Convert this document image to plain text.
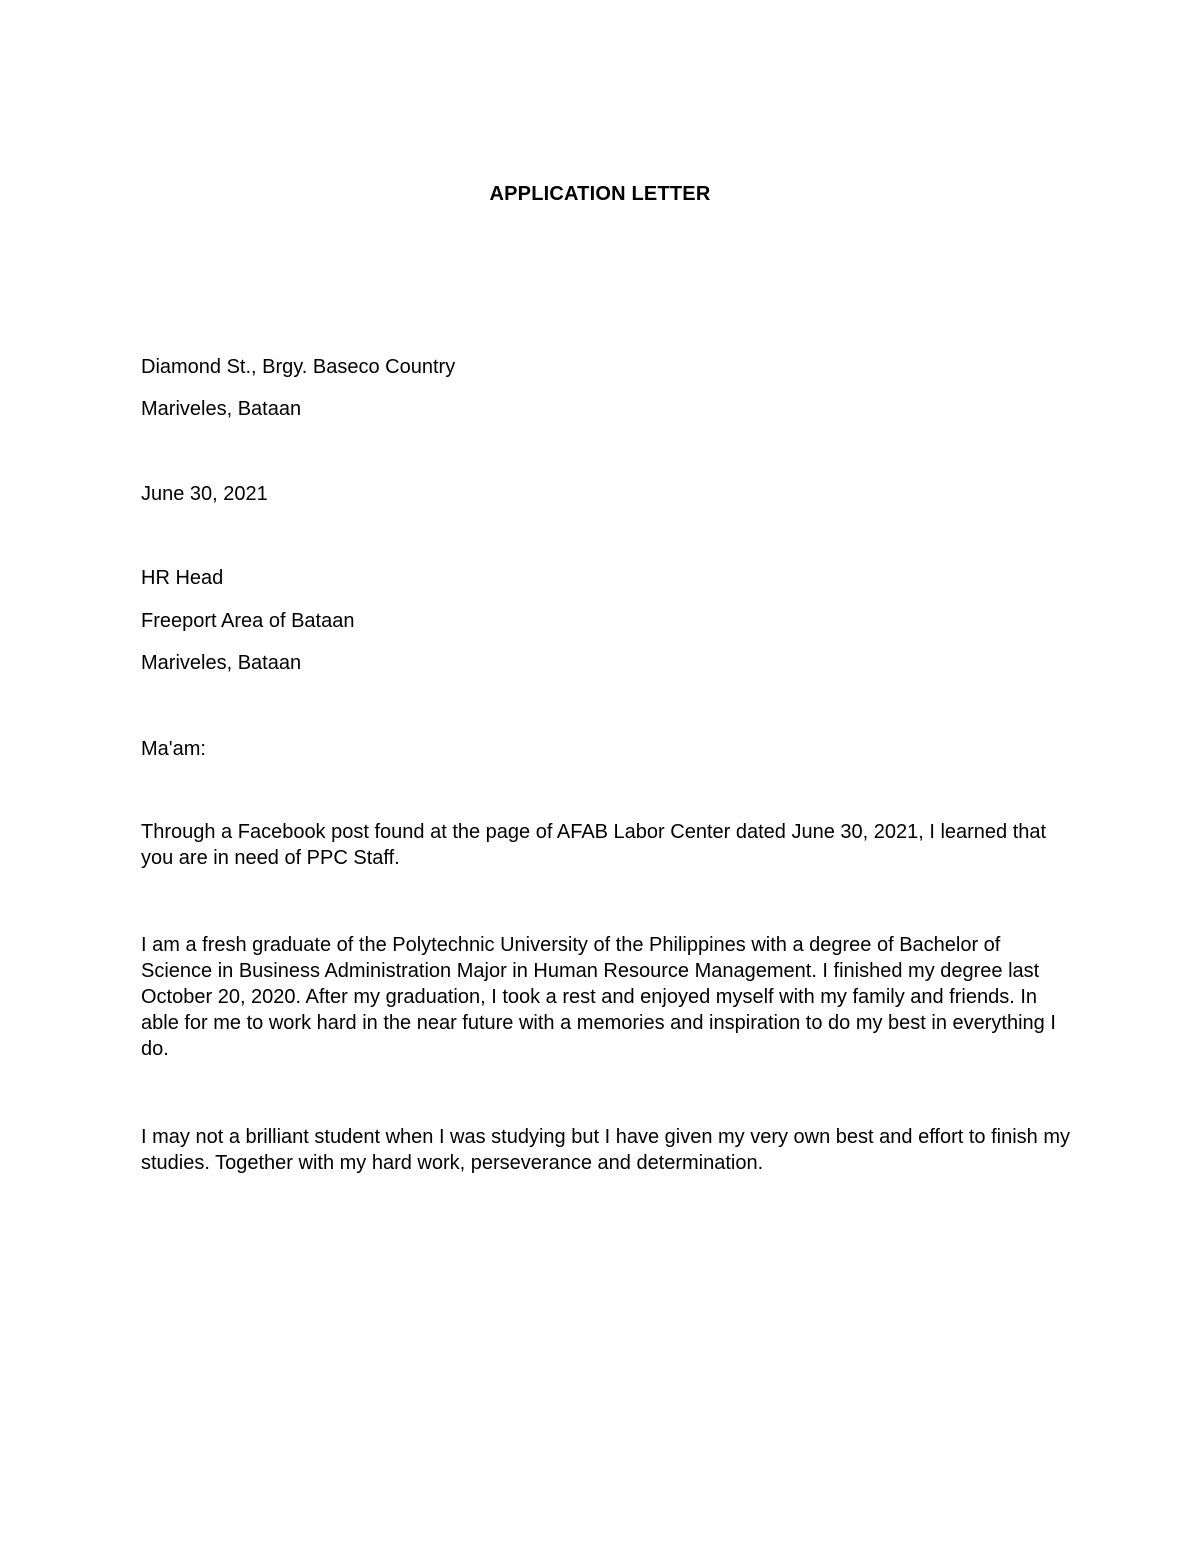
APPLICATION LETTER
Diamond St., Brgy. Baseco Country
Mariveles, Bataan
June 30, 2021
HR Head
Freeport Area of Bataan
Mariveles, Bataan
Ma'am:
Through a Facebook post found at the page of AFAB Labor Center dated June 30, 2021, I learned that you are in need of PPC Staff.
I am a fresh graduate of the Polytechnic University of the Philippines with a degree of Bachelor of Science in Business Administration Major in Human Resource Management. I finished my degree last October 20, 2020. After my graduation, I took a rest and enjoyed myself with my family and friends. In able for me to work hard in the near future with a memories and inspiration to do my best in everything I do.
I may not a brilliant student when I was studying but I have given my very own best and effort to finish my studies. Together with my hard work, perseverance and determination.
